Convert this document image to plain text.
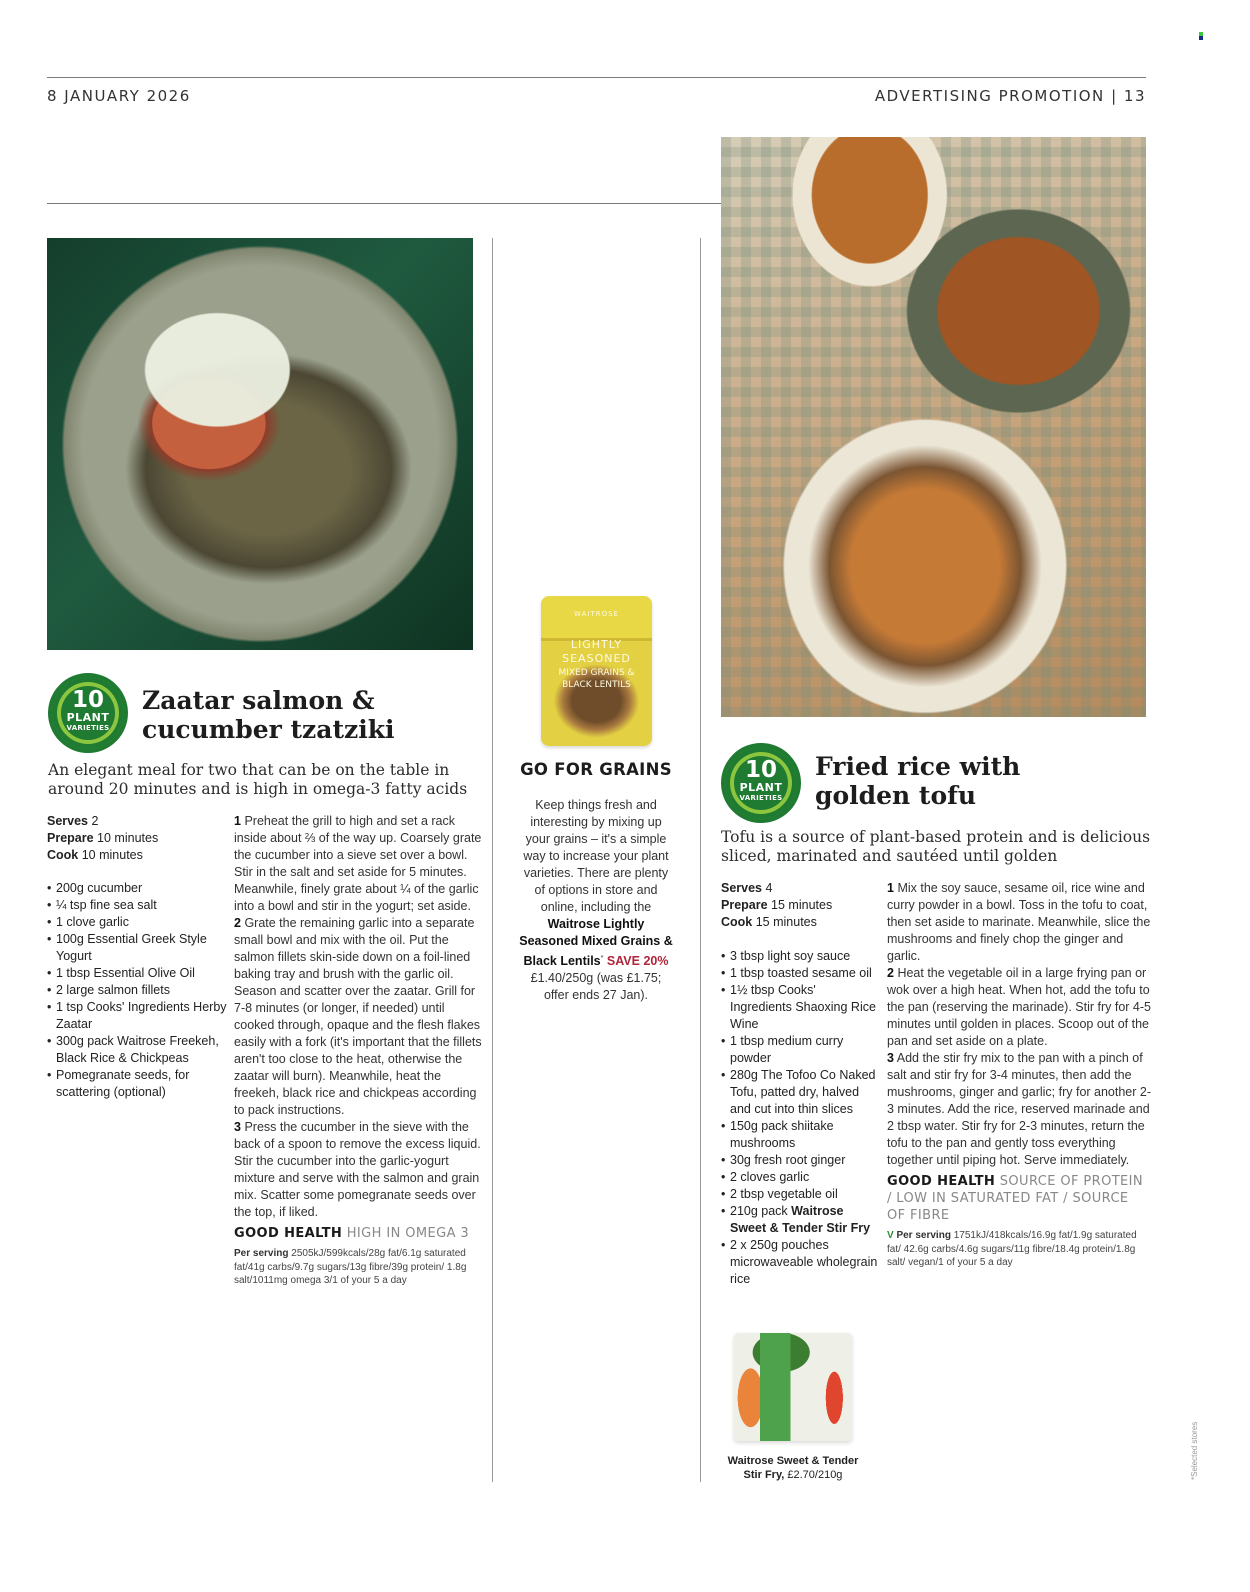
8 JANUARY 2026	ADVERTISING PROMOTION | 13
10
PLANT
VARIETIES
Zaatar salmon &
cucumber tzatziki
An elegant meal for two that can be on the table in around 20 minutes and is high in omega-3 fatty acids
Serves 2
Prepare 10 minutes
Cook 10 minutes
• 200g cucumber
• ¼ tsp fine sea salt
• 1 clove garlic
• 100g Essential Greek Style Yogurt
• 1 tbsp Essential Olive Oil
• 2 large salmon fillets
• 1 tsp Cooks' Ingredients Herby Zaatar
• 300g pack Waitrose Freekeh, Black Rice & Chickpeas
• Pomegranate seeds, for scattering (optional)

1 Preheat the grill to high and set a rack inside about ⅔ of the way up. Coarsely grate the cucumber into a sieve set over a bowl. Stir in the salt and set aside for 5 minutes. Meanwhile, finely grate about ¼ of the garlic into a bowl and stir in the yogurt; set aside.

2 Grate the remaining garlic into a separate small bowl and mix with the oil. Put the salmon fillets skin-side down on a foil-lined baking tray and brush with the garlic oil. Season and scatter over the zaatar. Grill for 7-8 minutes (or longer, if needed) until cooked through, opaque and the flesh flakes easily with a fork (it's important that the fillets aren't too close to the heat, otherwise the zaatar will burn). Meanwhile, heat the freekeh, black rice and chickpeas according to pack instructions.

3 Press the cucumber in the sieve with the back of a spoon to remove the excess liquid. Stir the cucumber into the garlic-yogurt mixture and serve with the salmon and grain mix. Scatter some pomegranate seeds over the top, if liked.

GOOD HEALTH HIGH IN OMEGA 3
Per serving 2505kJ/599kcals/28g fat/6.1g saturated fat/41g carbs/9.7g sugars/13g fibre/39g protein/ 1.8g salt/1011mg omega 3/1 of your 5 a day
WAITROSE
LIGHTLY
SEASONED
MIXED GRAINS &
BLACK LENTILS
GO FOR GRAINS
Keep things fresh and interesting by mixing up your grains – it's a simple way to increase your plant varieties. There are plenty of options in store and online, including the Waitrose Lightly Seasoned Mixed Grains & Black Lentils* SAVE 20% £1.40/250g (was £1.75; offer ends 27 Jan).
10
PLANT
VARIETIES
Fried rice with
golden tofu
Tofu is a source of plant-based protein and is delicious sliced, marinated and sautéed until golden
Serves 4
Prepare 15 minutes
Cook 15 minutes
• 3 tbsp light soy sauce
• 1 tbsp toasted sesame oil
• 1½ tbsp Cooks' Ingredients Shaoxing Rice Wine
• 1 tbsp medium curry powder
• 280g The Tofoo Co Naked Tofu, patted dry, halved and cut into thin slices
• 150g pack shiitake mushrooms
• 30g fresh root ginger
• 2 cloves garlic
• 2 tbsp vegetable oil
• 210g pack Waitrose Sweet & Tender Stir Fry
• 2 x 250g pouches microwaveable wholegrain rice
Waitrose Sweet & Tender Stir Fry, £2.70/210g

1 Mix the soy sauce, sesame oil, rice wine and curry powder in a bowl. Toss in the tofu to coat, then set aside to marinate. Meanwhile, slice the mushrooms and finely chop the ginger and garlic.

2 Heat the vegetable oil in a large frying pan or wok over a high heat. When hot, add the tofu to the pan (reserving the marinade). Stir fry for 4-5 minutes until golden in places. Scoop out of the pan and set aside on a plate.

3 Add the stir fry mix to the pan with a pinch of salt and stir fry for 3-4 minutes, then add the mushrooms, ginger and garlic; fry for another 2-3 minutes. Add the rice, reserved marinade and 2 tbsp water. Stir fry for 2-3 minutes, return the tofu to the pan and gently toss everything together until piping hot. Serve immediately.

GOOD HEALTH SOURCE OF PROTEIN / LOW IN SATURATED FAT / SOURCE OF FIBRE
V Per serving 1751kJ/418kcals/16.9g fat/1.9g saturated fat/ 42.6g carbs/4.6g sugars/11g fibre/18.4g protein/1.8g salt/ vegan/1 of your 5 a day
*Selected stores
